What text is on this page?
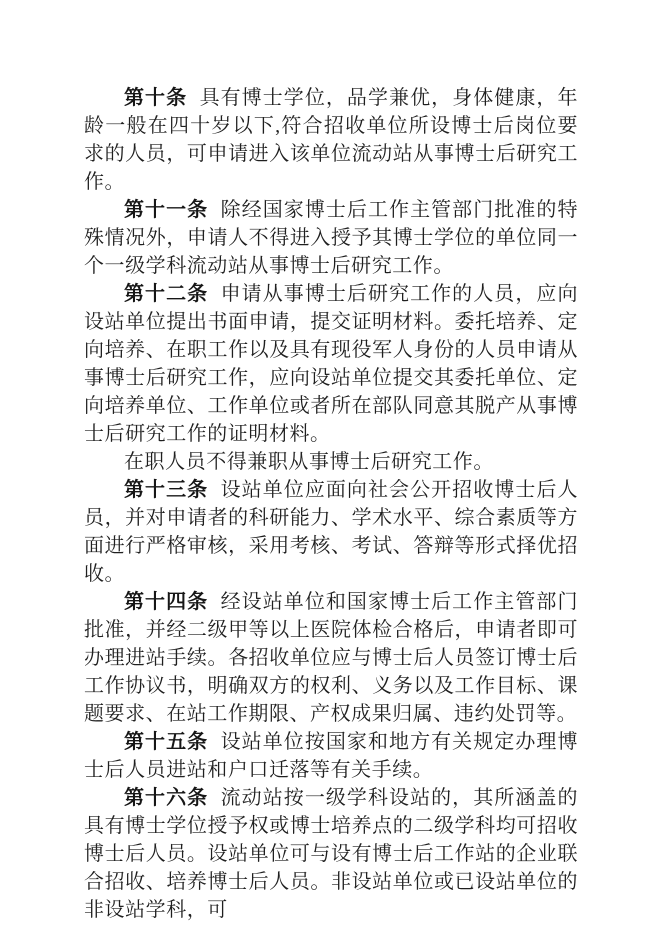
第十条 具有博士学位，品学兼优，身体健康，年龄一般在四十岁以下,符合招收单位所设博士后岗位要求的人员，可申请进入该单位流动站从事博士后研究工作。

第十一条 除经国家博士后工作主管部门批准的特殊情况外，申请人不得进入授予其博士学位的单位同一个一级学科流动站从事博士后研究工作。

第十二条 申请从事博士后研究工作的人员，应向设站单位提出书面申请，提交证明材料。委托培养、定向培养、在职工作以及具有现役军人身份的人员申请从事博士后研究工作，应向设站单位提交其委托单位、定向培养单位、工作单位或者所在部队同意其脱产从事博士后研究工作的证明材料。

在职人员不得兼职从事博士后研究工作。

第十三条 设站单位应面向社会公开招收博士后人员，并对申请者的科研能力、学术水平、综合素质等方面进行严格审核，采用考核、考试、答辩等形式择优招收。

第十四条 经设站单位和国家博士后工作主管部门批准，并经二级甲等以上医院体检合格后，申请者即可办理进站手续。各招收单位应与博士后人员签订博士后工作协议书，明确双方的权利、义务以及工作目标、课题要求、在站工作期限、产权成果归属、违约处罚等。

第十五条 设站单位按国家和地方有关规定办理博士后人员进站和户口迁落等有关手续。

第十六条 流动站按一级学科设站的，其所涵盖的具有博士学位授予权或博士培养点的二级学科均可招收博士后人员。设站单位可与设有博士后工作站的企业联合招收、培养博士后人员。非设站单位或已设站单位的非设站学科，可
